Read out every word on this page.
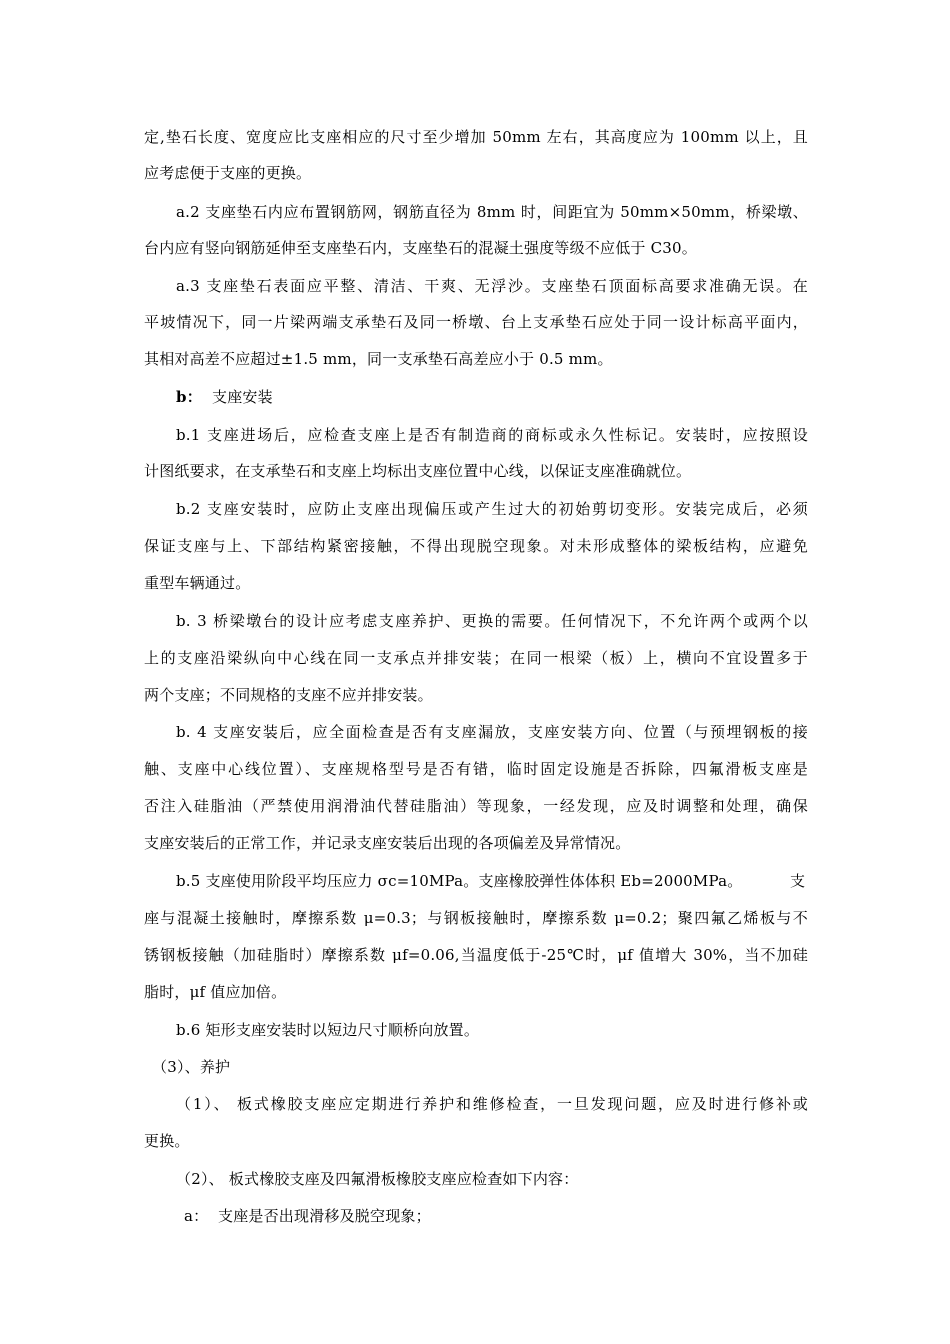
定,垫石长度、宽度应比支座相应的尺寸至少增加 50mm 左右，其高度应为 100mm 以上，且
应考虑便于支座的更换。
a.2 支座垫石内应布置钢筋网，钢筋直径为 8mm 时，间距宜为 50mm×50mm，桥梁墩、
台内应有竖向钢筋延伸至支座垫石内，支座垫石的混凝土强度等级不应低于 C30。
a.3 支座垫石表面应平整、清洁、干爽、无浮沙。支座垫石顶面标高要求准确无误。在
平坡情况下，同一片梁两端支承垫石及同一桥墩、台上支承垫石应处于同一设计标高平面内，
其相对高差不应超过±1.5 mm，同一支承垫石高差应小于 0.5 mm。
b： 支座安装
b.1 支座进场后，应检查支座上是否有制造商的商标或永久性标记。安装时，应按照设
计图纸要求，在支承垫石和支座上均标出支座位置中心线，以保证支座准确就位。
b.2 支座安装时，应防止支座出现偏压或产生过大的初始剪切变形。安装完成后，必须
保证支座与上、下部结构紧密接触，不得出现脱空现象。对未形成整体的梁板结构，应避免
重型车辆通过。
b. 3 桥梁墩台的设计应考虑支座养护、更换的需要。任何情况下，不允许两个或两个以
上的支座沿梁纵向中心线在同一支承点并排安装；在同一根梁（板）上，横向不宜设置多于
两个支座；不同规格的支座不应并排安装。
b. 4 支座安装后，应全面检查是否有支座漏放，支座安装方向、位置（与预埋钢板的接
触、支座中心线位置）、支座规格型号是否有错，临时固定设施是否拆除，四氟滑板支座是
否注入硅脂油（严禁使用润滑油代替硅脂油）等现象，一经发现，应及时调整和处理，确保
支座安装后的正常工作，并记录支座安装后出现的各项偏差及异常情况。
b.5 支座使用阶段平均压应力 σc=10MPa。支座橡胶弹性体体积 Eb=2000MPa。	支
座与混凝土接触时，摩擦系数 μ=0.3；与钢板接触时，摩擦系数 μ=0.2；聚四氟乙烯板与不
锈钢板接触（加硅脂时）摩擦系数 μf=0.06,当温度低于-25℃时，μf 值增大 30%，当不加硅
脂时，μf 值应加倍。
b.6 矩形支座安装时以短边尺寸顺桥向放置。
（3）、养护
（1）、 板式橡胶支座应定期进行养护和维修检查，一旦发现问题，应及时进行修补或
更换。
（2）、 板式橡胶支座及四氟滑板橡胶支座应检查如下内容：
a： 支座是否出现滑移及脱空现象；
